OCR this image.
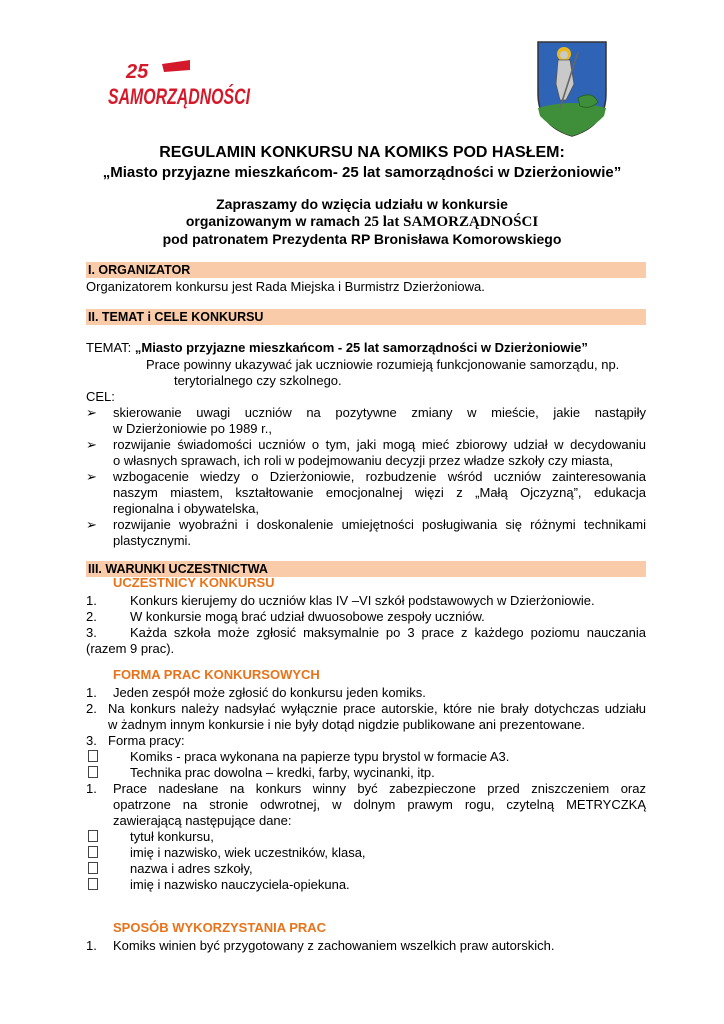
25
SAMORZĄDNOŚCI
REGULAMIN KONKURSU NA KOMIKS POD HASŁEM:
„Miasto przyjazne mieszkańcom- 25 lat samorządności w Dzierżoniowie”
Zapraszamy do wzięcia udziału w konkursie
organizowanym w ramach 25 lat SAMORZĄDNOŚCI
pod patronatem Prezydenta RP Bronisława Komorowskiego
I. ORGANIZATOR
Organizatorem konkursu jest Rada Miejska i Burmistrz Dzierżoniowa.
II. TEMAT i CELE KONKURSU
TEMAT: „Miasto przyjazne mieszkańcom - 25 lat samorządności w Dzierżoniowie”
Prace powinny ukazywać jak uczniowie rozumieją funkcjonowanie samorządu, np.
terytorialnego czy szkolnego.
CEL:
➢ skierowanie uwagi uczniów na pozytywne zmiany w mieście, jakie nastąpiły
w Dzierżoniowie po 1989 r.,
➢ rozwijanie świadomości uczniów o tym, jaki mogą mieć zbiorowy udział w decydowaniu
o własnych sprawach, ich roli w podejmowaniu decyzji przez władze szkoły czy miasta,
➢ wzbogacenie wiedzy o Dzierżoniowie, rozbudzenie wśród uczniów zainteresowania
naszym miastem, kształtowanie emocjonalnej więzi z „Małą Ojczyzną”, edukacja
regionalna i obywatelska,
➢ rozwijanie wyobraźni i doskonalenie umiejętności posługiwania się różnymi technikami
plastycznymi.
III. WARUNKI UCZESTNICTWA
UCZESTNICY KONKURSU
1.	Konkurs kierujemy do uczniów klas IV –VI szkół podstawowych w Dzierżoniowie.
2.	W konkursie mogą brać udział dwuosobowe zespoły uczniów.
3.	Każda szkoła może zgłosić maksymalnie po 3 prace z każdego poziomu nauczania
(razem 9 prac).
FORMA PRAC KONKURSOWYCH
1. Jeden zespół może zgłosić do konkursu jeden komiks.
2. Na konkurs należy nadsyłać wyłącznie prace autorskie, które nie brały dotychczas udziału
w żadnym innym konkursie i nie były dotąd nigdzie publikowane ani prezentowane.
3. Forma pracy:
Komiks - praca wykonana na papierze typu brystol w formacie A3.
Technika prac dowolna – kredki, farby, wycinanki, itp.
1. Prace nadesłane na konkurs winny być zabezpieczone przed zniszczeniem oraz
opatrzone na stronie odwrotnej, w dolnym prawym rogu, czytelną METRYCZKĄ
zawierającą następujące dane:
tytuł konkursu,
imię i nazwisko, wiek uczestników, klasa,
nazwa i adres szkoły,
imię i nazwisko nauczyciela-opiekuna.
SPOSÓB WYKORZYSTANIA PRAC
1. Komiks winien być przygotowany z zachowaniem wszelkich praw autorskich.
